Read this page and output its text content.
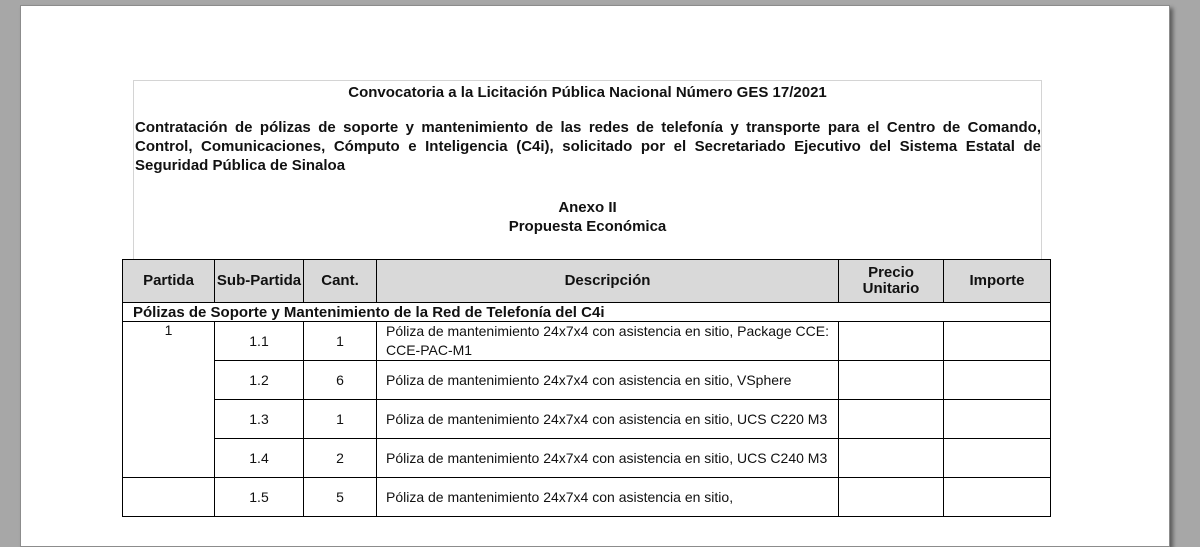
Convocatoria a la Licitación Pública Nacional Número GES 17/2021
Contratación de pólizas de soporte y mantenimiento de las redes de telefonía y transporte para el Centro de Comando, Control, Comunicaciones, Cómputo e Inteligencia (C4i), solicitado por el Secretariado Ejecutivo del Sistema Estatal de Seguridad Pública de Sinaloa
Anexo II
Propuesta Económica
Partida	Sub-Partida	Cant.	Descripción	Precio Unitario	Importe
Pólizas de Soporte y Mantenimiento de la Red de Telefonía del C4i					
1	1.1	1	Póliza de mantenimiento 24x7x4 con asistencia en sitio, Package CCE: CCE-PAC-M1		
	1.2	6	Póliza de mantenimiento 24x7x4 con asistencia en sitio, VSphere		
	1.3	1	Póliza de mantenimiento 24x7x4 con asistencia en sitio, UCS C220 M3		
	1.4	2	Póliza de mantenimiento 24x7x4 con asistencia en sitio, UCS C240 M3		
	1.5	5	Póliza de mantenimiento 24x7x4 con asistencia en sitio,		
